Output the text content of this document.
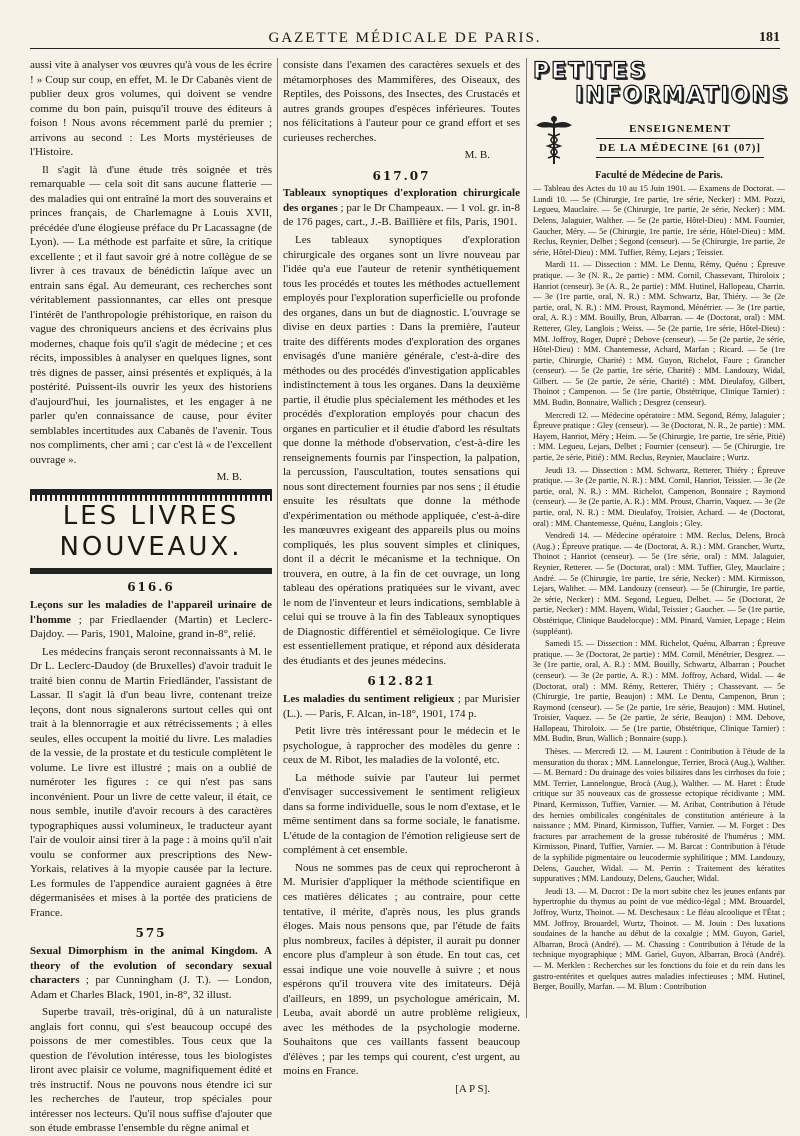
GAZETTE MÉDICALE DE PARIS.	181

aussi vite à analyser vos œuvres qu'à vous de les écrire ! » Coup sur coup, en effet, M. le Dr Cabanès vient de publier deux gros volumes, qui doivent se vendre comme du bon pain, puisqu'il trouve des éditeurs à foison ! Nous avons récemment parlé du premier ; arrivons au second : Les Morts mystérieuses de l'Histoire.

Il s'agit là d'une étude très soignée et très remarquable — cela soit dit sans aucune flatterie — des maladies qui ont entraîné la mort des souverains et princes français, de Charlemagne à Louis XVII, précédée d'une élogieuse préface du Pr Lacassagne (de Lyon). — La méthode est parfaite et sûre, la critique excellente ; et il faut savoir gré à notre collègue de se livrer à ces travaux de bénédictin laïque avec un entrain sans égal. Au demeurant, ces recherches sont véritablement passionnantes, car elles ont presque l'intérêt de l'anthropologie préhistorique, en raison du vague des chroniqueurs anciens et des écrivains plus modernes, chaque fois qu'il s'agit de médecine ; et ces récits, impossibles à analyser en quelques lignes, sont très dignes de passer, ainsi présentés et expliqués, à la postérité. Puissent-ils ouvrir les yeux des historiens d'aujourd'hui, les journalistes, et les engager à ne parler qu'en connaissance de cause, pour éviter semblables incertitudes aux Cabanès de l'avenir. Tous nos compliments, cher ami ; car c'est là « de l'excellent ouvrage ».

M. B.

LES LIVRES
NOUVEAUX.
616.6

Leçons sur les maladies de l'appareil urinaire de l'homme ; par Friedlaender (Martin) et Leclerc-Dajdoy. — Paris, 1901, Maloine, grand in-8°, relié.

Les médecins français seront reconnaissants à M. le Dr L. Leclerc-Daudoy (de Bruxelles) d'avoir traduit le traité bien connu de Martin Friedländer, l'assistant de Lassar. Il s'agit là d'un beau livre, contenant treize leçons, dont nous signalerons surtout celles qui ont trait à la blennorragie et aux rétrécissements ; à elles seules, elles occupent la moitié du livre. Les maladies de la vessie, de la prostate et du testicule complètent le volume. Le livre est illustré ; mais on a oublié de numéroter les figures : ce qui n'est pas sans inconvénient. Pour un livre de cette valeur, il était, ce nous semble, inutile d'avoir recours à des caractères typographiques aussi volumineux, le traducteur ayant l'air de vouloir ainsi tirer à la page : à moins qu'il n'ait voulu se conformer aux prescriptions des New-Yorkais, relatives à la myopie causée par la lecture. Les formules de l'appendice auraient gagnées à être dégermanisées et mises à la portée des praticiens de France.

575

Sexual Dimorphism in the animal Kingdom. A theory of the evolution of secondary sexual characters ; par Cunningham (J. T.). — London, Adam et Charles Black, 1901, in-8°, 32 illust.

Superbe travail, très-original, dû à un naturaliste anglais fort connu, qui s'est beaucoup occupé des poissons de mer comestibles. Tous ceux que la question de l'évolution intéresse, tous les biologistes liront avec plaisir ce volume, magnifiquement édité et très instructif. Nous ne pouvons nous étendre ici sur les recherches de l'auteur, trop spéciales pour intéresser nos lecteurs. Qu'il nous suffise d'ajouter que son étude embrasse l'ensemble du règne animal et

consiste dans l'examen des caractères sexuels et des métamorphoses des Mammifères, des Oiseaux, des Reptiles, des Poissons, des Insectes, des Crustacés et autres grands groupes d'espèces inférieures. Toutes nos félicitations à l'auteur pour ce grand effort et ses curieuses recherches.

M. B.

617.07

Tableaux synoptiques d'exploration chirurgicale des organes ; par le Dr Champeaux. — 1 vol. gr. in-8 de 176 pages, cart., J.-B. Baillière et fils, Paris, 1901.

Les tableaux synoptiques d'exploration chirurgicale des organes sont un livre nouveau par l'idée qu'a eue l'auteur de retenir synthétiquement tous les procédés et toutes les méthodes actuellement employés pour l'exploration superficielle ou profonde des organes, dans un but de diagnostic. L'ouvrage se divise en deux parties : Dans la première, l'auteur traite des différents modes d'exploration des organes envisagés d'une manière générale, c'est-à-dire des méthodes ou des procédés d'investigation applicables indistinctement à tous les organes. Dans la deuxième partie, il étudie plus spécialement les méthodes et les procédés d'exploration employés pour chacun des organes en particulier et il étudie d'abord les résultats que donne la méthode d'observation, c'est-à-dire les renseignements fournis par l'inspection, la palpation, la percussion, l'auscultation, toutes sensations qui nous sont directement fournies par nos sens ; il étudie ensuite les résultats que donne la méthode d'expérimentation ou méthode appliquée, c'est-à-dire les manœuvres exigeant des appareils plus ou moins compliqués, les plus souvent simples et cliniques, dont il a décrit le mécanisme et la technique. On trouvera, en outre, à la fin de cet ouvrage, un long tableau des opérations pratiquées sur le vivant, avec le nom de l'inventeur et leurs indications, semblable à celui qui se trouve à la fin des Tableaux synoptiques de Diagnostic différentiel et séméiologique. Ce livre est essentiellement pratique, et répond aux désiderata des étudiants et des jeunes médecins.

612.821

Les maladies du sentiment religieux ; par Murisier (L.). — Paris, F. Alcan, in-18°, 1901, 174 p.

Petit livre très intéressant pour le médecin et le psychologue, à rapprocher des modèles du genre : ceux de M. Ribot, les maladies de la volonté, etc.

La méthode suivie par l'auteur lui permet d'envisager successivement le sentiment religieux dans sa forme individuelle, sous le nom d'extase, et le même sentiment dans sa forme sociale, le fanatisme. L'étude de la contagion de l'émotion religieuse sert de complément à cet ensemble.

Nous ne sommes pas de ceux qui reprocheront à M. Murisier d'appliquer la méthode scientifique en ces matières délicates ; au contraire, pour cette tentative, il mérite, d'après nous, les plus grands éloges. Mais nous pensons que, par l'étude de faits plus nombreux, faciles à dépister, il aurait pu donner encore plus d'ampleur à son étude. En tout cas, cet essai indique une voie nouvelle à suivre ; et nous espérons qu'il trouvera vite des imitateurs. Déjà d'ailleurs, en 1899, un psychologue américain, M. Leuba, avait abordé un autre problème religieux, avec les méthodes de la psychologie moderne. Souhaitons que ces vaillants fassent beaucoup d'élèves ; par les temps qui courent, c'est urgent, au moins en France.

[A P S].

PETITES
INFORMATIONS
ENSEIGNEMENT
DE LA MÉDECINE [61 (07)]
Faculté de Médecine de Paris.

— Tableau des Actes du 10 au 15 Juin 1901. — Examens de Doctorat. — Lundi 10. — 5e (Chirurgie, 1re partie, 1re série, Necker) : MM. Pozzi, Legueu, Mauclaire. — 5e (Chirurgie, 1re partie, 2e série, Necker) : MM. Delens, Jalaguier, Walther. — 5e (2e partie, Hôtel-Dieu) : MM. Fournier, Gaucher, Méry. — 5e (Chirurgie, 1re partie, 1re série, Hôtel-Dieu) : MM. Reclus, Reynier, Delbet ; Segond (censeur). — 5e (Chirurgie, 1re partie, 2e série, Hôtel-Dieu) : MM. Tuffier, Rémy, Lejars ; Teissier.

Mardi 11. — Dissection : MM. Le Dentu, Rémy, Quénu ; Épreuve pratique. — 3e (N. R., 2e partie) : MM. Cornil, Chassevant, Thiroloix ; Hanriot (censeur). 3e (A. R., 2e partie) : MM. Hutinel, Hallopeau, Charrin. — 3e (1re partie, oral, N. R.) : MM. Schwartz, Bar, Thiéry. — 3e (2e partie, oral, N. R.) : MM. Proust, Raymond, Ménétrier. — 3e (1re partie, oral, A. R.) : MM. Bouilly, Brun, Albarran. — 4e (Doctorat, oral) : MM. Retterer, Gley, Langlois ; Weiss. — 5e (2e partie, 1re série, Hôtel-Dieu) : MM. Joffroy, Roger, Dupré ; Debove (censeur). — 5e (2e partie, 2e série, Hôtel-Dieu) : MM. Chantemesse, Achard, Marfan ; Ricard. — 5e (1re partie, Chirurgie, Charité) : MM. Guyon, Richelot, Faure ; Grancher (censeur). — 5e (2e partie, 1re série, Charité) : MM. Landouzy, Widal, Gilbert. — 5e (2e partie, 2e série, Charité) : MM. Dieulafoy, Gilbert, Thoinot ; Campenon. — 5e (1re partie, Obstétrique, Clinique Tarnier) : MM. Budin, Bonnaire, Wallich ; Desgrez (censeur).

Mercredi 12. — Médecine opératoire : MM. Segond, Rémy, Jalaguier ; Épreuve pratique : Gley (censeur). — 3e (Doctorat, N. R., 2e partie) : MM. Hayem, Hanriot, Méry ; Heim. — 5e (Chirurgie, 1re partie, 1re série, Pitié) : MM. Legueu, Lejars, Delbet ; Fournier (censeur). — 5e (Chirurgie, 1re partie, 2e série, Pitié) : MM. Reclus, Reynier, Mauclaire ; Wurtz.

Jeudi 13. — Dissection : MM. Schwartz, Retterer, Thiéry ; Épreuve pratique. — 3e (2e partie, N. R.) : MM. Cornil, Hanriot, Teissier. — 3e (2e partie, oral, N. R.) : MM. Richelot, Campenon, Bonnaire ; Raymond (censeur). — 3e (2e partie, A. R.) : MM. Proust, Charrin, Vaquez. — 3e (2e partie, oral, N. R.) : MM. Dieulafoy, Troisier, Achard. — 4e (Doctorat, oral) : MM. Chantemesse, Quénu, Langlois ; Gley.

Vendredi 14. — Médecine opératoire : MM. Reclus, Delens, Brocà (Aug.) ; Épreuve pratique. — 4e (Doctorat, A. R.) : MM. Grancher, Wurtz, Thoinot ; Hanriot (censeur). — 5e (1re série, oral) : MM. Jalaguier, Reynier, Retterer. — 5e (Doctorat, oral) : MM. Tuffier, Gley, Mauclaire ; André. — 5e (Chirurgie, 1re partie, 1re série, Necker) : MM. Kirmisson, Lejars, Walther. — MM. Landouzy (censeur). — 5e (Chirurgie, 1re partie, 2e série, Necker) : MM. Segond, Legueu, Delbet. — 5e (Doctorat, 2e partie, Necker) : MM. Hayem, Widal, Teissier ; Gaucher. — 5e (1re partie, Obstétrique, Clinique Baudelocque) : MM. Pinard, Varnier, Lepage ; Heim (suppléant).

Samedi 15. — Dissection : MM. Richelot, Quénu, Albarran ; Épreuve pratique. — 3e (Doctorat, 2e partie) : MM. Cornil, Ménétrier, Desgrez. — 3e (1re partie, oral, A. R.) : MM. Bouilly, Schwartz, Albarran ; Pouchet (censeur). — 3e (2e partie, A. R.) : MM. Joffroy, Achard, Widal. — 4e (Doctorat, oral) : MM. Rémy, Retterer, Thiéry ; Chassevant. — 5e (Chirurgie, 1re partie, Beaujon) : MM. Le Dentu, Campenon, Brun ; Raymond (censeur). — 5e (2e partie, 1re série, Beaujon) : MM. Hutinel, Troisier, Vaquez. — 5e (2e partie, 2e série, Beaujon) : MM. Debove, Hallopeau, Thiroloix. — 5e (1re partie, Obstétrique, Clinique Tarnier) : MM. Budin, Brun, Wallich ; Bonnaire (supp.).

Thèses. — Mercredi 12. — M. Laurent : Contribution à l'étude de la mensuration du thorax ; MM. Lannelongue, Terrier, Brocà (Aug.), Walther. — M. Bernard : Du drainage des voies biliaires dans les cirrhoses du foie ; MM. Terrier, Lannelongue, Brocà (Aug.), Walther. — M. Haret : Étude critique sur 35 nouveaux cas de grossesse ectopique récidivante ; MM. Pinard, Kermisson, Tuffier, Varnier. — M. Aribat, Contribution à l'étude des hernies ombilicales congénitales de constitution antérieure à la naissance ; MM. Pinard, Kirmisson, Tuffier, Varnier. — M. Forget : Des fractures par arrachement de la grosse tubérosité de l'humérus ; MM. Kirmisson, Pinard, Tuffier, Varnier. — M. Barcat : Contribution à l'étude de la syphilide pigmentaire ou leucodermie syphilitique ; MM. Landouzy, Delens, Gaucher, Widal. — M. Perrin : Traitement des kératites suppuratives ; MM. Landouzy, Delens, Gaucher, Widal.

Jeudi 13. — M. Ducrot : De la mort subite chez les jeunes enfants par hypertrophie du thymus au point de vue médico-légal ; MM. Brouardel, Joffroy, Wurtz, Thoinot. — M. Deschesaux : Le fléau alcoolique et l'État ; MM. Joffroy, Brouardel, Wurtz, Thoinot. — M. Jouin : Des luxations soudaines de la hanche au début de la coxalgie ; MM. Guyon, Gariel, Albarran, Brocà (André). — M. Chassing : Contribution à l'étude de la technique myographique ; MM. Gariel, Guyon, Albarran, Brocà (André). — M. Merklen : Recherches sur les fonctions du foie et du rein dans les gastro-entérites et quelques autres maladies infectieuses ; MM. Hutinel, Berger, Bouilly, Marfan. — M. Blum : Contribution
